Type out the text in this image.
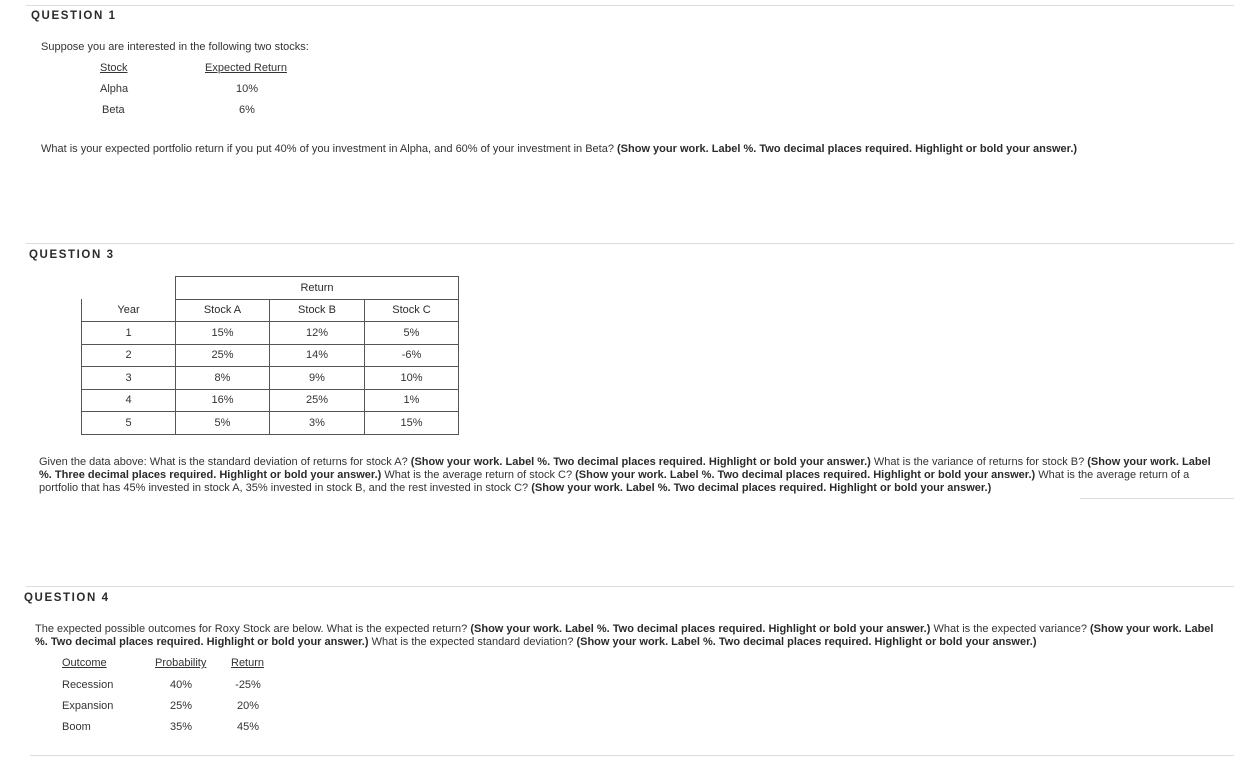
QUESTION 1
Suppose you are interested in the following two stocks:
Stock	Expected Return
Alpha	10%
Beta	6%
What is your expected portfolio return if you put 40% of you investment in Alpha, and 60% of your investment in Beta? (Show your work. Label %. Two decimal places required. Highlight or bold your answer.)
QUESTION 3
	Return		
Year	Stock A	Stock B	Stock C
1	15%	12%	5%
2	25%	14%	-6%
3	8%	9%	10%
4	16%	25%	1%
5	5%	3%	15%
Given the data above: What is the standard deviation of returns for stock A? (Show your work. Label %. Two decimal places required. Highlight or bold your answer.) What is the variance of returns for stock B? (Show your work. Label %. Three decimal places required. Highlight or bold your answer.) What is the average return of stock C? (Show your work. Label %. Two decimal places required. Highlight or bold your answer.) What is the average return of a portfolio that has 45% invested in stock A, 35% invested in stock B, and the rest invested in stock C? (Show your work. Label %. Two decimal places required. Highlight or bold your answer.)
QUESTION 4
The expected possible outcomes for Roxy Stock are below. What is the expected return? (Show your work. Label %. Two decimal places required. Highlight or bold your answer.) What is the expected variance? (Show your work. Label %. Two decimal places required. Highlight or bold your answer.) What is the expected standard deviation? (Show your work. Label %. Two decimal places required. Highlight or bold your answer.)
Outcome	Probability Return
Recession	40%	-25%
Expansion	25%	20%
Boom	35%	45%
